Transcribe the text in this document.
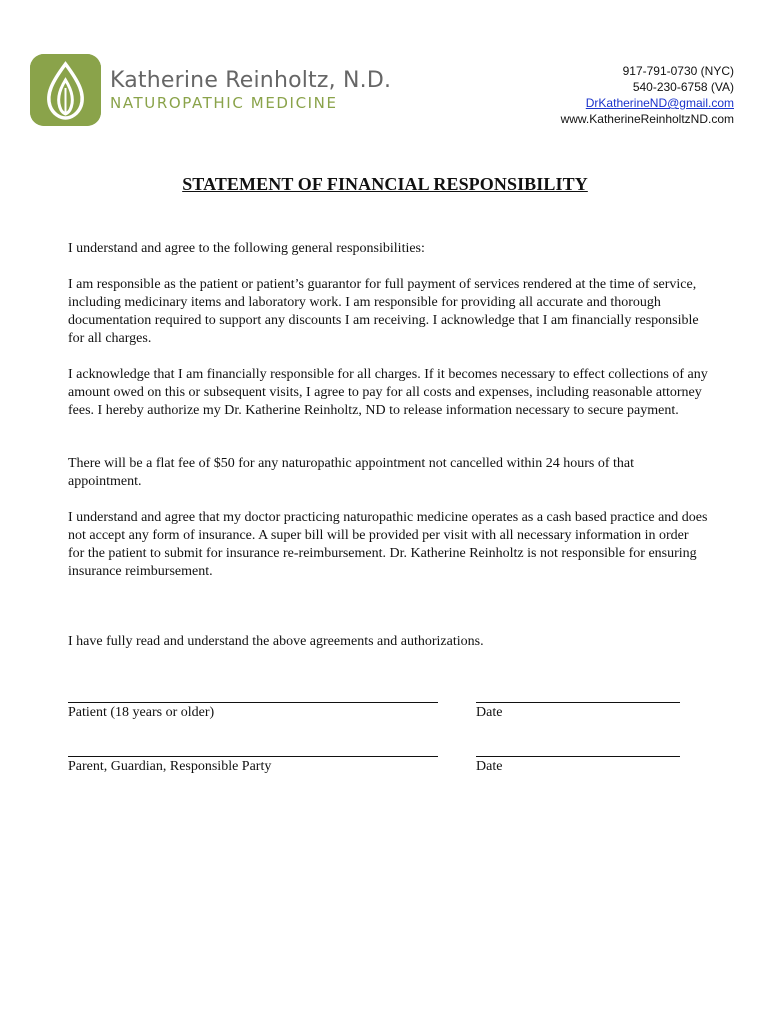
Katherine Reinholtz, N.D.
NATUROPATHIC MEDICINE
917-791-0730 (NYC)
540-230-6758 (VA)
DrKatherineND@gmail.com
www.KatherineReinholtzND.com
STATEMENT OF FINANCIAL RESPONSIBILITY

I understand and agree to the following general responsibilities:

I am responsible as the patient or patient’s guarantor for full payment of services rendered at the time of service, including medicinary items and laboratory work. I am responsible for providing all accurate and thorough documentation required to support any discounts I am receiving. I acknowledge that I am financially responsible for all charges.

I acknowledge that I am financially responsible for all charges. If it becomes necessary to effect collections of any amount owed on this or subsequent visits, I agree to pay for all costs and expenses, including reasonable attorney fees. I hereby authorize my Dr. Katherine Reinholtz, ND to release information necessary to secure payment.

There will be a flat fee of $50 for any naturopathic appointment not cancelled within 24 hours of that appointment.

I understand and agree that my doctor practicing naturopathic medicine operates as a cash based practice and does not accept any form of insurance. A super bill will be provided per visit with all necessary information in order for the patient to submit for insurance re-reimbursement. Dr. Katherine Reinholtz is not responsible for ensuring insurance reimbursement.

I have fully read and understand the above agreements and authorizations.

Patient (18 years or older)	Date
Parent, Guardian, Responsible Party	Date
